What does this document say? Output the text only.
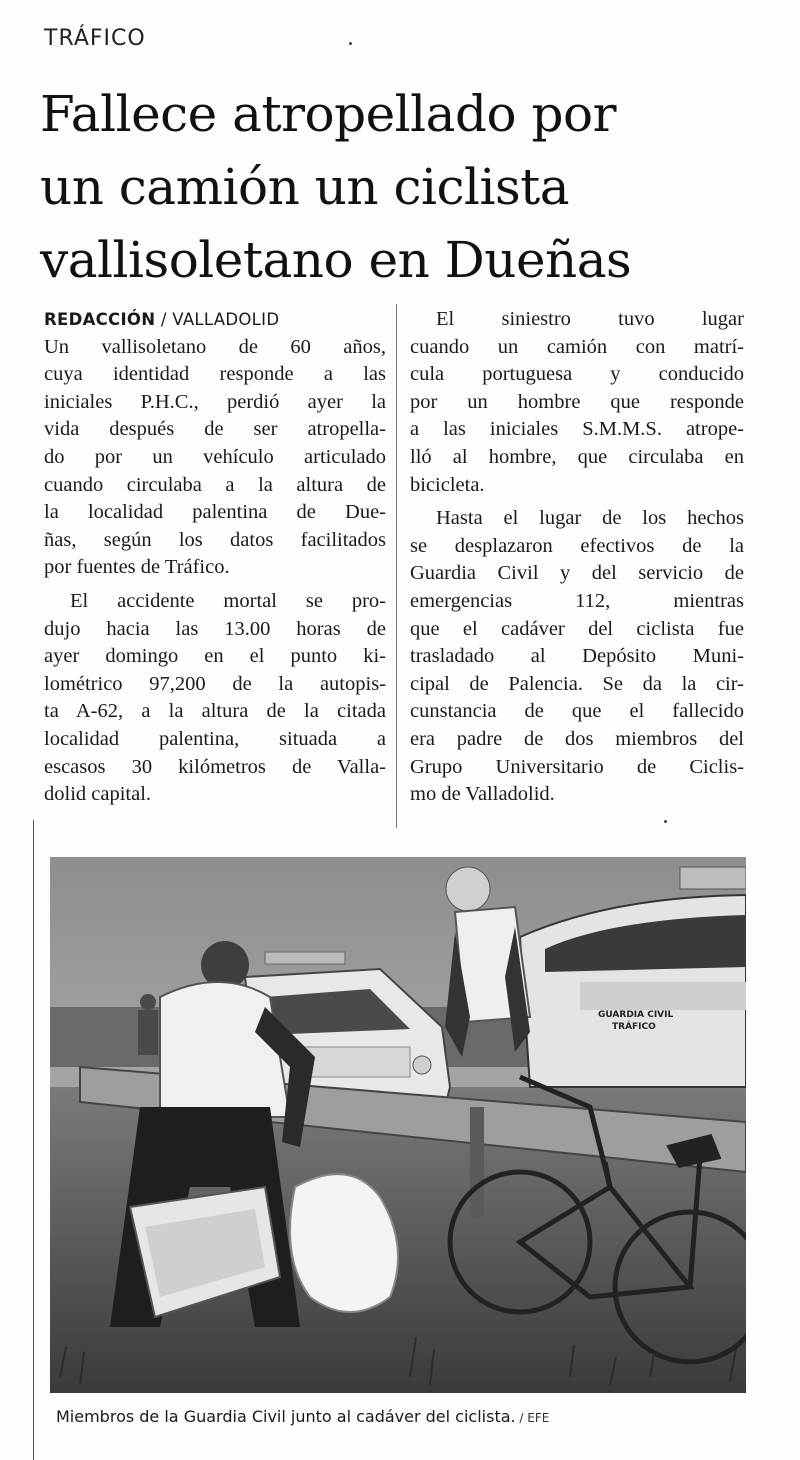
TRÁFICO
Fallece atropellado por
un camión un ciclista
vallisoletano en Dueñas
REDACCIÓN / VALLADOLID
Un vallisoletano de 60 años,
cuya identidad responde a las
iniciales P.H.C., perdió ayer la
vida después de ser atropella-
do por un vehículo articulado
cuando circulaba a la altura de
la localidad palentina de Due-
ñas, según los datos facilitados
por fuentes de Tráfico.
El accidente mortal se pro-
dujo hacia las 13.00 horas de
ayer domingo en el punto ki-
lométrico 97,200 de la autopis-
ta A-62, a la altura de la citada
localidad palentina, situada a
escasos 30 kilómetros de Valla-
dolid capital.
El siniestro tuvo lugar
cuando un camión con matrí-
cula portuguesa y conducido
por un hombre que responde
a las iniciales S.M.M.S. atropе-
lló al hombre, que circulaba en
bicicleta.
Hasta el lugar de los hechos
se desplazaron efectivos de la
Guardia Civil y del servicio de
emergencias 112, mientras
que el cadáver del ciclista fue
trasladado al Depósito Muni-
cipal de Palencia. Se da la cir-
cunstancia de que el fallecido
era padre de dos miembros del
Grupo Universitario de Ciclis-
mo de Valladolid.
GUARDIA CIVIL
TRÁFICO
Miembros de la Guardia Civil junto al cadáver del ciclista. / EFE
